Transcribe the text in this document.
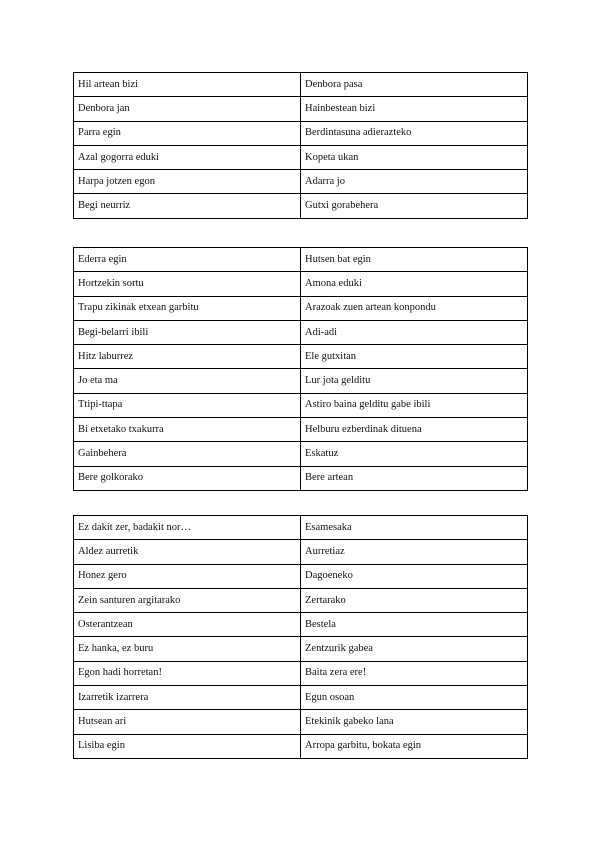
Hil artean bizi	Denbora pasa
Denbora jan	Hainbestean bizi
Parra egin	Berdintasuna adierazteko
Azal gogorra eduki	Kopeta ukan
Harpa jotzen egon	Adarra jo
Begi neurriz	Gutxi gorabehera
Ederra egin	Hutsen bat egin
Hortzekin sortu	Amona eduki
Trapu zikinak etxean garbitu	Arazoak zuen artean konpondu
Begi-belarri ibili	Adi-adi
Hitz laburrez	Ele gutxitan
Jo eta ma	Lur jota gelditu
Ttipi-ttapa	Astiro baina gelditu gabe ibili
Bi etxetako txakurra	Helburu ezberdinak dituena
Gainbehera	Eskatuz
Bere golkorako	Bere artean
Ez dakit zer, badakit nor…	Esamesaka
Aldez aurretik	Aurretiaz
Honez gero	Dagoeneko
Zein santuren argitarako	Zertarako
Osterantzean	Bestela
Ez hanka, ez buru	Zentzurik gabea
Egon hadi horretan!	Baita zera ere!
Izarretik izarrera	Egun osoan
Hutsean ari	Etekinik gabeko lana
Lisiba egin	Arropa garbitu, bokata egin
